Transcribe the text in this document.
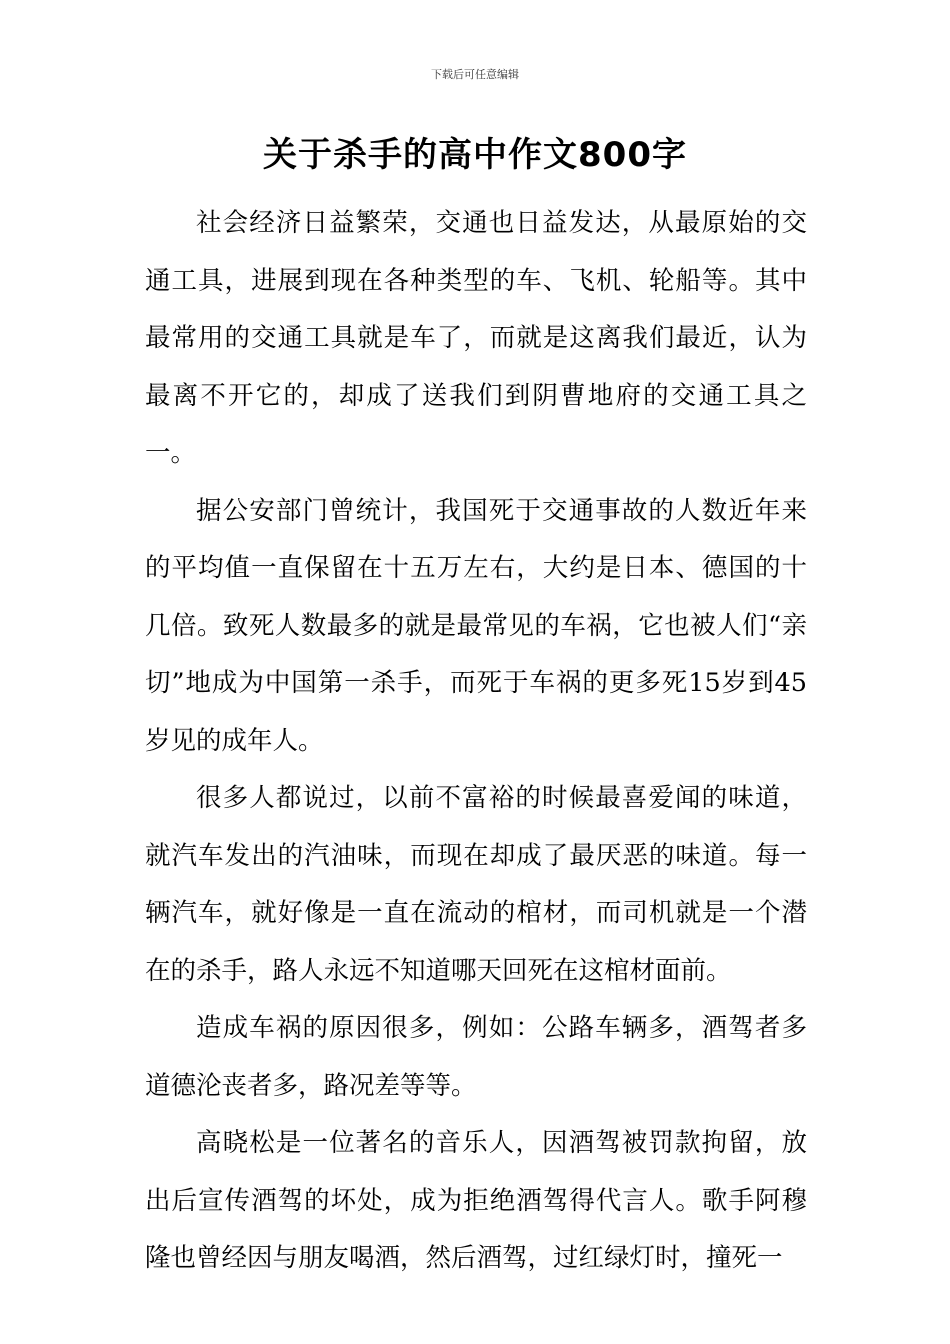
下载后可任意编辑
关于杀手的高中作文800字

社会经济日益繁荣，交通也日益发达，从最原始的交通工具，进展到现在各种类型的车、飞机、轮船等。其中最常用的交通工具就是车了，而就是这离我们最近，认为最离不开它的，却成了送我们到阴曹地府的交通工具之一。

据公安部门曾统计，我国死于交通事故的人数近年来的平均值一直保留在十五万左右，大约是日本、德国的十几倍。致死人数最多的就是最常见的车祸，它也被人们“亲切”地成为中国第一杀手，而死于车祸的更多死15岁到45岁见的成年人。

很多人都说过，以前不富裕的时候最喜爱闻的味道，就汽车发出的汽油味，而现在却成了最厌恶的味道。每一辆汽车，就好像是一直在流动的棺材，而司机就是一个潜在的杀手，路人永远不知道哪天回死在这棺材面前。

造成车祸的原因很多，例如：公路车辆多，酒驾者多道德沦丧者多，路况差等等。

高晓松是一位著名的音乐人，因酒驾被罚款拘留，放出后宣传酒驾的坏处，成为拒绝酒驾得代言人。歌手阿穆隆也曾经因与朋友喝酒，然后酒驾，过红绿灯时，撞死一
